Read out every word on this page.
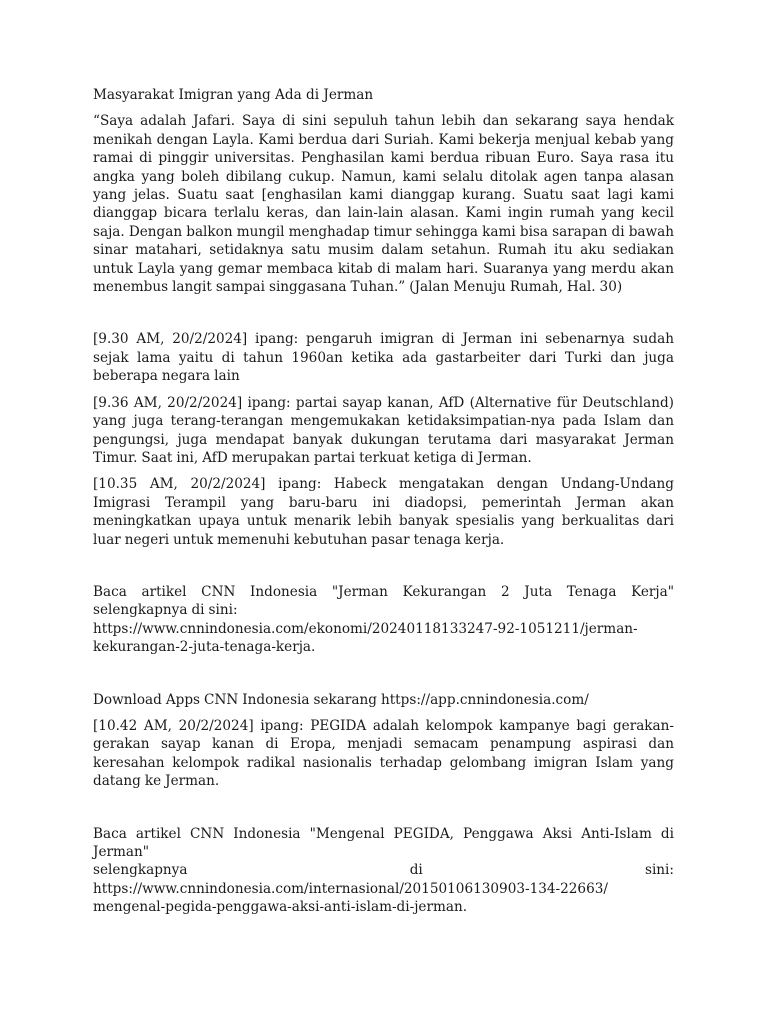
Masyarakat Imigran yang Ada di Jerman

“Saya adalah Jafari. Saya di sini sepuluh tahun lebih dan sekarang saya hendak menikah dengan Layla. Kami berdua dari Suriah. Kami bekerja menjual kebab yang ramai di pinggir universitas. Penghasilan kami berdua ribuan Euro. Saya rasa itu angka yang boleh dibilang cukup. Namun, kami selalu ditolak agen tanpa alasan yang jelas. Suatu saat [enghasilan kami dianggap kurang. Suatu saat lagi kami dianggap bicara terlalu keras, dan lain-lain alasan. Kami ingin rumah yang kecil saja. Dengan balkon mungil menghadap timur sehingga kami bisa sarapan di bawah sinar matahari, setidaknya satu musim dalam setahun. Rumah itu aku sediakan untuk Layla yang gemar membaca kitab di malam hari. Suaranya yang merdu akan menembus langit sampai singgasana Tuhan.” (Jalan Menuju Rumah, Hal. 30)

[9.30 AM, 20/2/2024] ipang: pengaruh imigran di Jerman ini sebenarnya sudah sejak lama yaitu di tahun 1960an ketika ada gastarbeiter dari Turki dan juga beberapa negara lain

[9.36 AM, 20/2/2024] ipang: partai sayap kanan, AfD (Alternative für Deutschland) yang juga terang-terangan mengemukakan ketidaksimpatian-nya pada Islam dan pengungsi, juga mendapat banyak dukungan terutama dari masyarakat Jerman Timur. Saat ini, AfD merupakan partai terkuat ketiga di Jerman.

[10.35 AM, 20/2/2024] ipang: Habeck mengatakan dengan Undang-Undang Imigrasi Terampil yang baru-baru ini diadopsi, pemerintah Jerman akan meningkatkan upaya untuk menarik lebih banyak spesialis yang berkualitas dari luar negeri untuk memenuhi kebutuhan pasar tenaga kerja.

Baca artikel CNN Indonesia "Jerman Kekurangan 2 Juta Tenaga Kerja" selengkapnya di sini:
https://www.cnnindonesia.com/ekonomi/20240118133247-92-1051211/jerman-
kekurangan-2-juta-tenaga-kerja.

Download Apps CNN Indonesia sekarang https://app.cnnindonesia.com/

[10.42 AM, 20/2/2024] ipang: PEGIDA adalah kelompok kampanye bagi gerakan-gerakan sayap kanan di Eropa, menjadi semacam penampung aspirasi dan keresahan kelompok radikal nasionalis terhadap gelombang imigran Islam yang datang ke Jerman.

Baca artikel CNN Indonesia "Mengenal PEGIDA, Penggawa Aksi Anti-Islam di Jerman"
selengkapnya di sini:
https://www.cnnindonesia.com/internasional/20150106130903-134-22663/
mengenal-pegida-penggawa-aksi-anti-islam-di-jerman.
